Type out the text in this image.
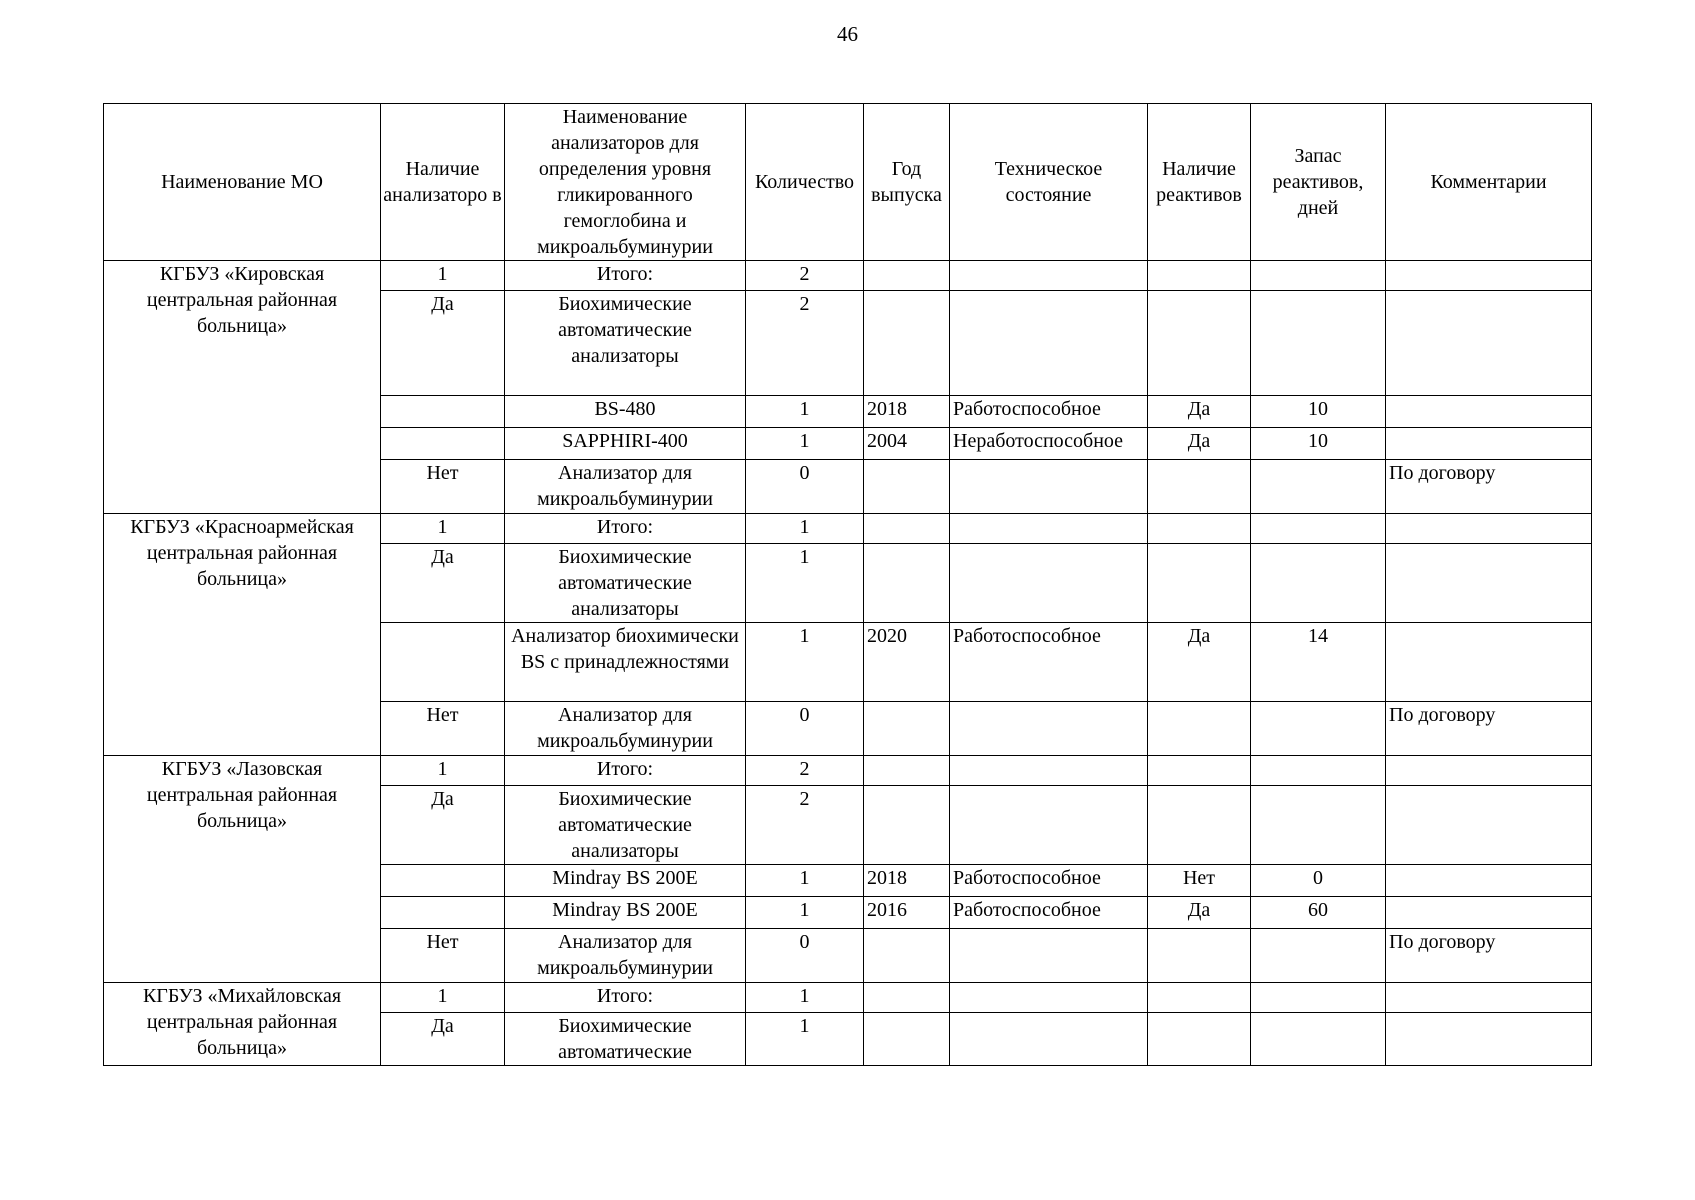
46
Наименование МО	Наличие анализаторо в	Наименование анализаторов для определения уровня гликированного гемоглобина и микроальбуминурии	Количество	Год выпуска	Техническое состояние	Наличие реактивов	Запас реактивов, дней	Комментарии
КГБУЗ «Кировская центральная районная больница»	1	Итого:	2					
	Да	Биохимические автоматические анализаторы	2					
		BS-480	1	2018	Работоспособное	Да	10	
		SAPPHIRI-400	1	2004	Неработоспособное	Да	10	
	Нет	Анализатор для микроальбуминурии	0					По договору
КГБУЗ «Красноармейская центральная районная больница»	1	Итого:	1					
	Да	Биохимические автоматические анализаторы	1					
		Анализатор биохимически BS с принадлежностями	1	2020	Работоспособное	Да	14	
	Нет	Анализатор для микроальбуминурии	0					По договору
КГБУЗ «Лазовская центральная районная больница»	1	Итого:	2					
	Да	Биохимические автоматические анализаторы	2					
		Mindray BS 200E	1	2018	Работоспособное	Нет	0	
		Mindray BS 200E	1	2016	Работоспособное	Да	60	
	Нет	Анализатор для микроальбуминурии	0					По договору
КГБУЗ «Михайловская центральная районная больница»	1	Итого:	1					
	Да	Биохимические автоматические	1					
